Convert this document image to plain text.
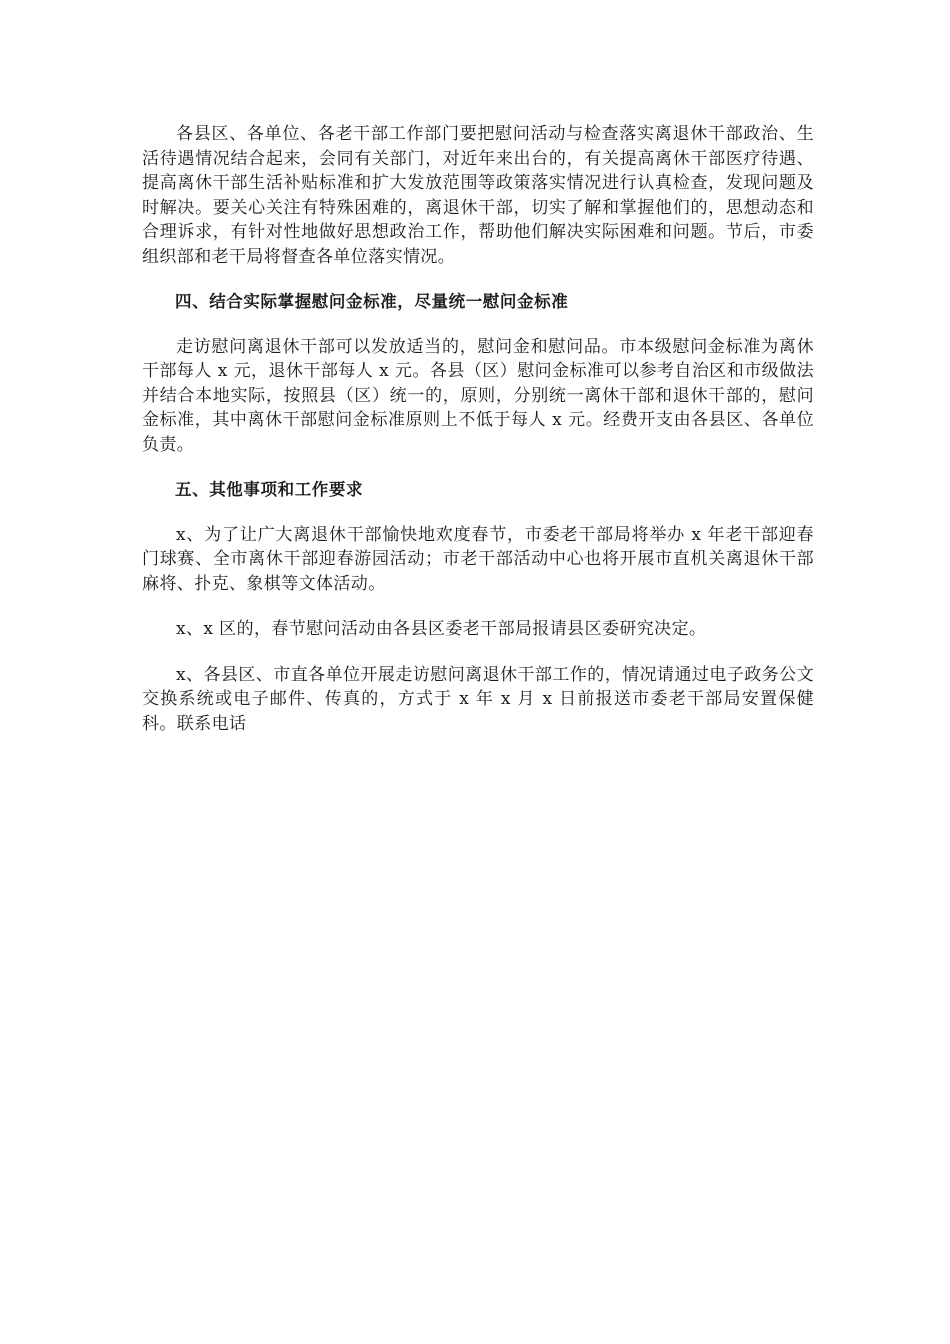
各县区、各单位、各老干部工作部门要把慰问活动与检查落实离退休干部政治、生活待遇情况结合起来，会同有关部门，对近年来出台的，有关提高离休干部医疗待遇、提高离休干部生活补贴标准和扩大发放范围等政策落实情况进行认真检查，发现问题及时解决。要关心关注有特殊困难的，离退休干部，切实了解和掌握他们的，思想动态和合理诉求，有针对性地做好思想政治工作，帮助他们解决实际困难和问题。节后，市委组织部和老干局将督查各单位落实情况。

四、结合实际掌握慰问金标准，尽量统一慰问金标准

走访慰问离退休干部可以发放适当的，慰问金和慰问品。市本级慰问金标准为离休干部每人 x 元，退休干部每人 x 元。各县（区）慰问金标准可以参考自治区和市级做法并结合本地实际，按照县（区）统一的，原则，分别统一离休干部和退休干部的，慰问金标准，其中离休干部慰问金标准原则上不低于每人 x 元。经费开支由各县区、各单位负责。

五、其他事项和工作要求

x、为了让广大离退休干部愉快地欢度春节，市委老干部局将举办 x 年老干部迎春门球赛、全市离休干部迎春游园活动；市老干部活动中心也将开展市直机关离退休干部麻将、扑克、象棋等文体活动。

x、x 区的，春节慰问活动由各县区委老干部局报请县区委研究决定。

x、各县区、市直各单位开展走访慰问离退休干部工作的，情况请通过电子政务公文交换系统或电子邮件、传真的，方式于 x 年 x 月 x 日前报送市委老干部局安置保健科。联系电话
